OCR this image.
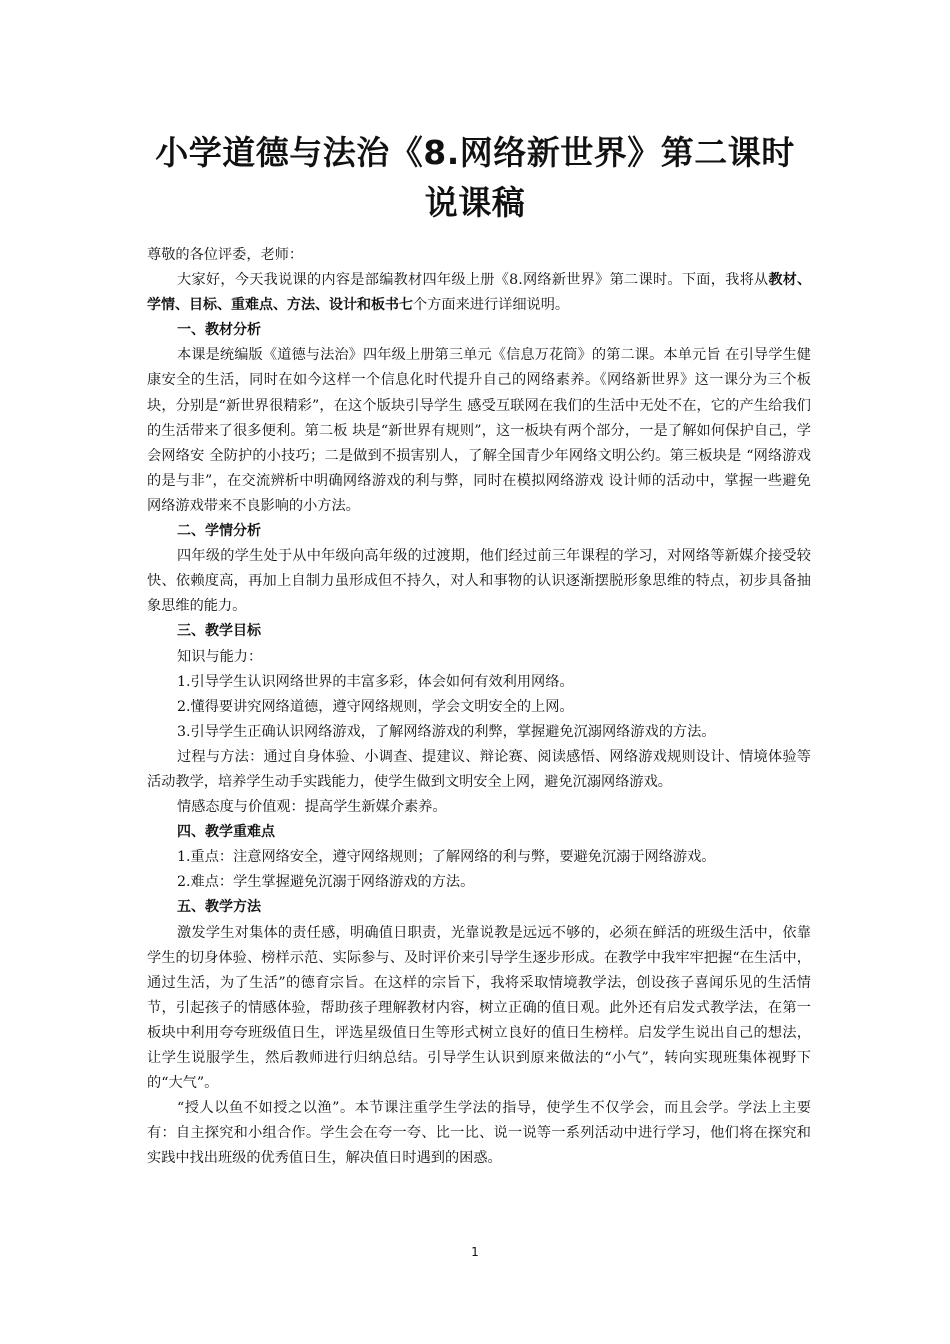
小学道德与法治《8.网络新世界》第二课时
说课稿

尊敬的各位评委，老师：

大家好，今天我说课的内容是部编教材四年级上册《8.网络新世界》第二课时。下面，我将从教材、学情、目标、重难点、方法、设计和板书七个方面来进行详细说明。

一、教材分析

本课是统编版《道德与法治》四年级上册第三单元《信息万花筒》的第二课。本单元旨 在引导学生健康安全的生活，同时在如今这样一个信息化时代提升自己的网络素养。《网络新世界》这一课分为三个板块，分别是“新世界很精彩”，在这个版块引导学生 感受互联网在我们的生活中无处不在，它的产生给我们的生活带来了很多便利。第二板 块是“新世界有规则”，这一板块有两个部分，一是了解如何保护自己，学会网络安 全防护的小技巧；二是做到不损害别人，了解全国青少年网络文明公约。第三板块是 “网络游戏的是与非”，在交流辨析中明确网络游戏的利与弊，同时在模拟网络游戏 设计师的活动中，掌握一些避免网络游戏带来不良影响的小方法。

二、学情分析

四年级的学生处于从中年级向高年级的过渡期，他们经过前三年课程的学习，对网络等新媒介接受较快、依赖度高，再加上自制力虽形成但不持久，对人和事物的认识逐渐摆脱形象思维的特点，初步具备抽象思维的能力。

三、教学目标

知识与能力：

1.引导学生认识网络世界的丰富多彩，体会如何有效利用网络。

2.懂得要讲究网络道德，遵守网络规则，学会文明安全的上网。

3.引导学生正确认识网络游戏，了解网络游戏的利弊，掌握避免沉溺网络游戏的方法。

过程与方法：通过自身体验、小调查、提建议、辩论赛、阅读感悟、网络游戏规则设计、情境体验等活动教学，培养学生动手实践能力，使学生做到文明安全上网，避免沉溺网络游戏。

情感态度与价值观：提高学生新媒介素养。

四、教学重难点

1.重点：注意网络安全，遵守网络规则；了解网络的利与弊，要避免沉溺于网络游戏。

2.难点：学生掌握避免沉溺于网络游戏的方法。

五、教学方法

激发学生对集体的责任感，明确值日职责，光靠说教是远远不够的，必须在鲜活的班级生活中，依靠学生的切身体验、榜样示范、实际参与、及时评价来引导学生逐步形成。在教学中我牢牢把握“在生活中，通过生活，为了生活”的德育宗旨。在这样的宗旨下，我将采取情境教学法，创设孩子喜闻乐见的生活情节，引起孩子的情感体验，帮助孩子理解教材内容，树立正确的值日观。此外还有启发式教学法，在第一板块中利用夸夸班级值日生，评选星级值日生等形式树立良好的值日生榜样。启发学生说出自己的想法，让学生说服学生，然后教师进行归纳总结。引导学生认识到原来做法的“小气”，转向实现班集体视野下的“大气”。

“授人以鱼不如授之以渔”。本节课注重学生学法的指导，使学生不仅学会，而且会学。学法上主要有：自主探究和小组合作。学生会在夸一夸、比一比、说一说等一系列活动中进行学习，他们将在探究和实践中找出班级的优秀值日生，解决值日时遇到的困惑。

1
